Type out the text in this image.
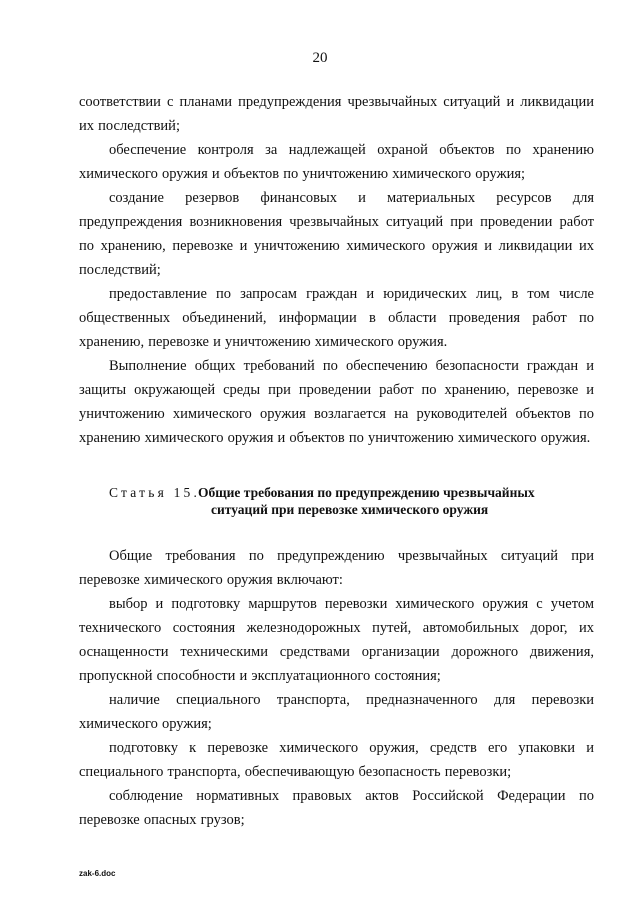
20

соответствии с планами предупреждения чрезвычайных ситуаций и ликвидации их последствий;

обеспечение контроля за надлежащей охраной объектов по хранению химического оружия и объектов по уничтожению химического оружия;

создание резервов финансовых и материальных ресурсов для предупреждения возникновения чрезвычайных ситуаций при проведении работ по хранению, перевозке и уничтожению химического оружия и ликвидации их последствий;

предоставление по запросам граждан и юридических лиц, в том числе общественных объединений, информации в области проведения работ по хранению, перевозке и уничтожению химического оружия.

Выполнение общих требований по обеспечению безопасности граждан и защиты окружающей среды при проведении работ по хранению, перевозке и уничтожению химического оружия возлагается на руководителей объектов по хранению химического оружия и объектов по уничтожению химического оружия.

Статья 15.
Общие требования по предупреждению чрезвычайных
ситуаций при перевозке химического оружия

Общие требования по предупреждению чрезвычайных ситуаций при перевозке химического оружия включают:

выбор и подготовку маршрутов перевозки химического оружия с учетом технического состояния железнодорожных путей, автомобильных дорог, их оснащенности техническими средствами организации дорожного движения, пропускной способности и эксплуатационного состояния;

наличие специального транспорта, предназначенного для перевозки химического оружия;

подготовку к перевозке химического оружия, средств его упаковки и специального транспорта, обеспечивающую безопасность перевозки;

соблюдение нормативных правовых актов Российской Федерации по перевозке опасных грузов;

zak-6.doc
